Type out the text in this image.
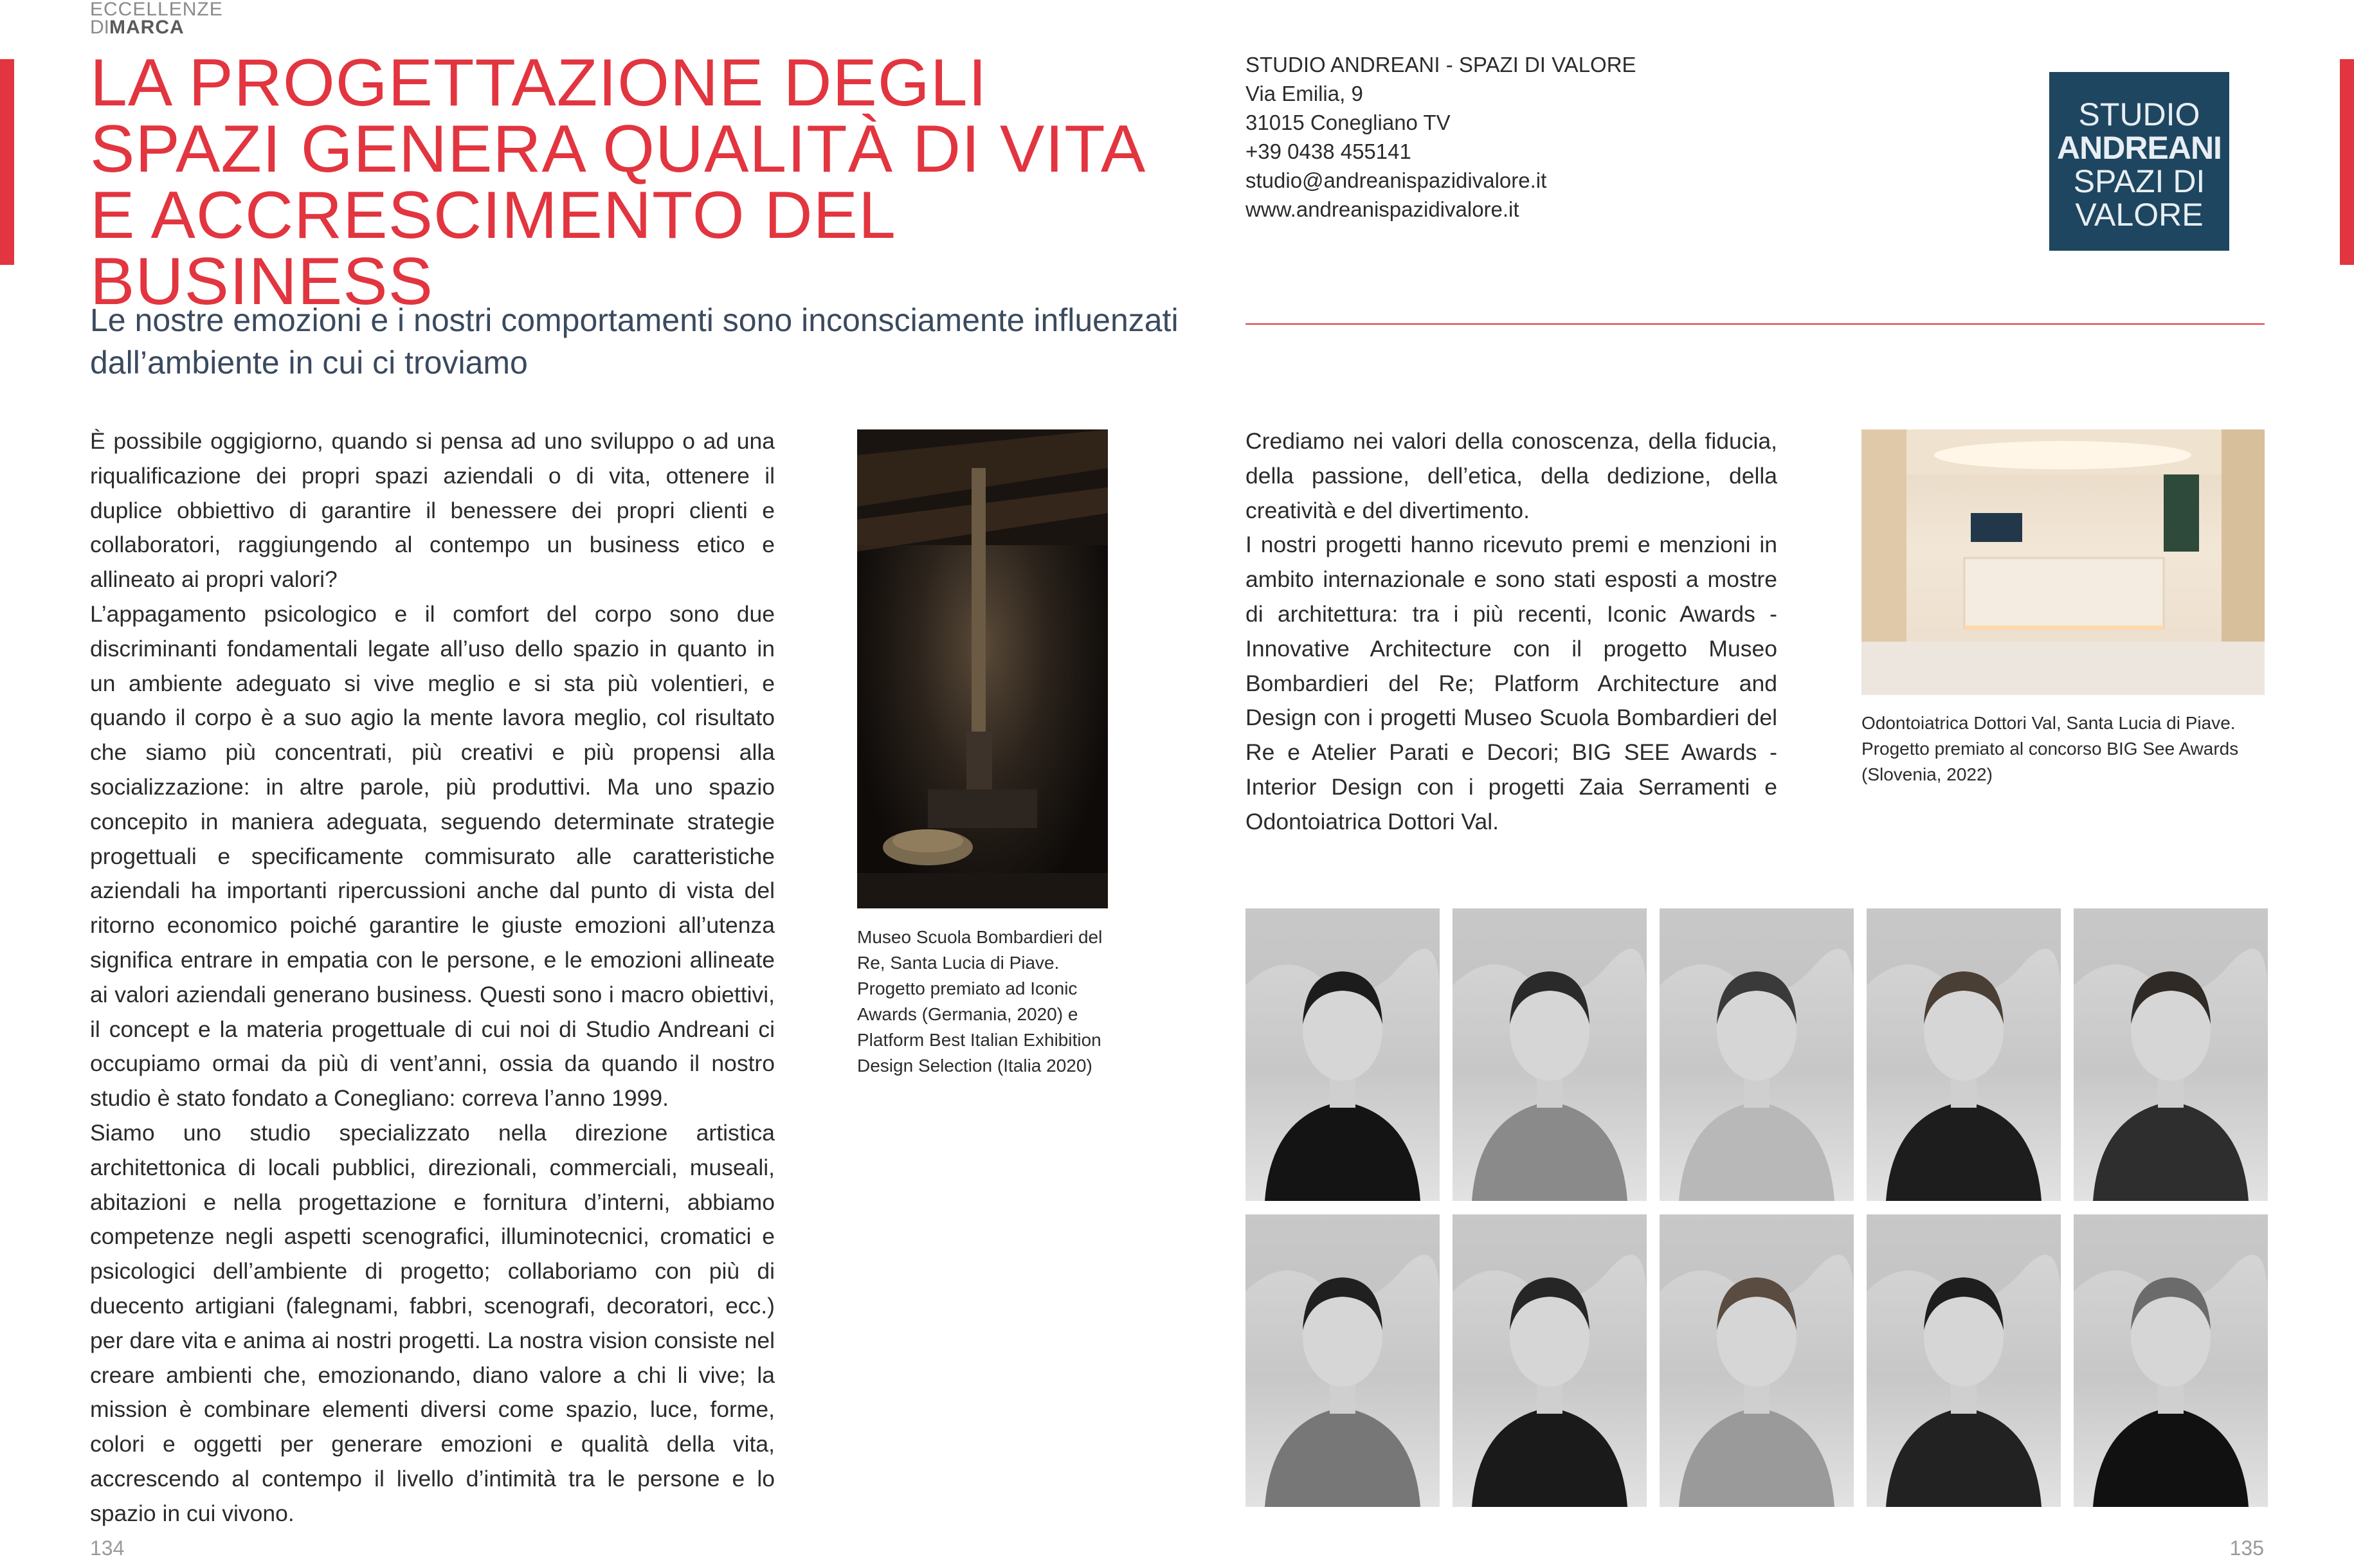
ECCELLENZE
DIMARCA
LA PROGETTAZIONE DEGLI SPAZI GENERA QUALITÀ DI VITA E ACCRESCIMENTO DEL BUSINESS
Le nostre emozioni e i nostri comportamenti sono inconsciamente influenzati dall’ambiente in cui ci troviamo
STUDIO ANDREANI - SPAZI DI VALORE
Via Emilia, 9
31015 Conegliano TV
+39 0438 455141
studio@andreanispazidivalore.it
www.andreanispazidivalore.it
STUDIO
ANDREANI
SPAZI DI
VALORE

È possibile oggigiorno, quando si pensa ad uno sviluppo o ad una riqualificazione dei propri spazi aziendali o di vita, ottenere il duplice obbiettivo di garantire il benessere dei propri clienti e collaboratori, raggiungendo al contempo un business etico e allineato ai propri valori?

L’appagamento psicologico e il comfort del corpo sono due discriminanti fondamentali legate all’uso dello spazio in quanto in un ambiente adeguato si vive meglio e si sta più volentieri, e quando il corpo è a suo agio la mente lavora meglio, col risultato che siamo più concentrati, più creativi e più propensi alla socializzazione: in altre parole, più produttivi. Ma uno spazio concepito in maniera adeguata, seguendo determinate strategie progettuali e specificamente commisurato alle caratteristiche aziendali ha importanti ripercussioni anche dal punto di vista del ritorno economico poiché garantire le giuste emozioni all’utenza significa entrare in empatia con le persone, e le emozioni allineate ai valori aziendali generano business. Questi sono i macro obiettivi, il concept e la materia progettuale di cui noi di Studio Andreani ci occupiamo ormai da più di vent’anni, ossia da quando il nostro studio è stato fondato a Conegliano: correva l’anno 1999.

Siamo uno studio specializzato nella direzione artistica architettonica di locali pubblici, direzionali, commerciali, museali, abitazioni e nella progettazione e fornitura d’interni, abbiamo competenze negli aspetti scenografici, illuminotecnici, cromatici e psicologici dell’ambiente di progetto; collaboriamo con più di duecento artigiani (falegnami, fabbri, scenografi, decoratori, ecc.) per dare vita e anima ai nostri progetti. La nostra vision consiste nel creare ambienti che, emozionando, diano valore a chi li vive; la mission è combinare elementi diversi come spazio, luce, forme, colori e oggetti per generare emozioni e qualità della vita, accrescendo al contempo il livello d’intimità tra le persone e lo spazio in cui vivono.

Museo Scuola Bombardieri del Re, Santa Lucia di Piave. Progetto premiato ad Iconic Awards (Germania, 2020) e Platform Best Italian Exhibition Design Selection (Italia 2020)

Crediamo nei valori della conoscenza, della fiducia, della passione, dell’etica, della dedizione, della creatività e del divertimento.

I nostri progetti hanno ricevuto premi e menzioni in ambito internazionale e sono stati esposti a mostre di architettura: tra i più recenti, Iconic Awards - Innovative Architecture con il progetto Museo Bombardieri del Re; Platform Architecture and Design con i progetti Museo Scuola Bombardieri del Re e Atelier Parati e Decori; BIG SEE Awards - Interior Design con i progetti Zaia Serramenti e Odontoiatrica Dottori Val.

Odontoiatrica Dottori Val, Santa Lucia di Piave. Progetto premiato al concorso BIG See Awards (Slovenia, 2022)
134	135
